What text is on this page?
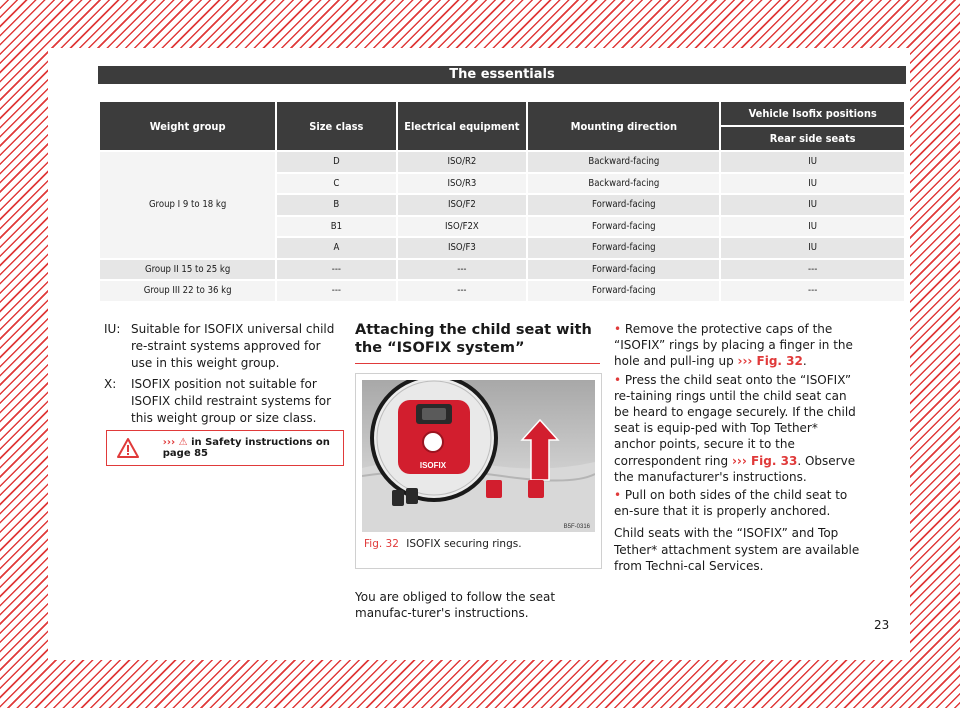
The essentials
Weight group	Size class	Electrical equipment	Mounting direction	Vehicle Isofix positions
				Rear side seats
Group I 9 to 18 kg	D	ISO/R2	Backward-facing	IU
	C	ISO/R3	Backward-facing	IU
	B	ISO/F2	Forward-facing	IU
	B1	ISO/F2X	Forward-facing	IU
	A	ISO/F3	Forward-facing	IU
Group II 15 to 25 kg	---	---	Forward-facing	---
Group III 22 to 36 kg	---	---	Forward-facing	---
IU: Suitable for ISOFIX universal child re-straint systems approved for use in this weight group.
X:	ISOFIX position not suitable for ISOFIX child restraint systems for this weight group or size class.
››› ⚠ in Safety instructions on page 85
Attaching the child seat with the “ISOFIX system”
ISOFIX
B5F-0316
Fig. 32 ISOFIX securing rings.
You are obliged to follow the seat manufac-turer's instructions.

• Remove the protective caps of the “ISOFIX” rings by placing a finger in the hole and pull-ing up ››› Fig. 32.

• Press the child seat onto the “ISOFIX” re-taining rings until the child seat can be heard to engage securely. If the child seat is equip-ped with Top Tether* anchor points, secure it to the correspondent ring ››› Fig. 33. Observe the manufacturer's instructions.

• Pull on both sides of the child seat to en-sure that it is properly anchored.

Child seats with the “ISOFIX” and Top Tether* attachment system are available from Techni-cal Services.

23
